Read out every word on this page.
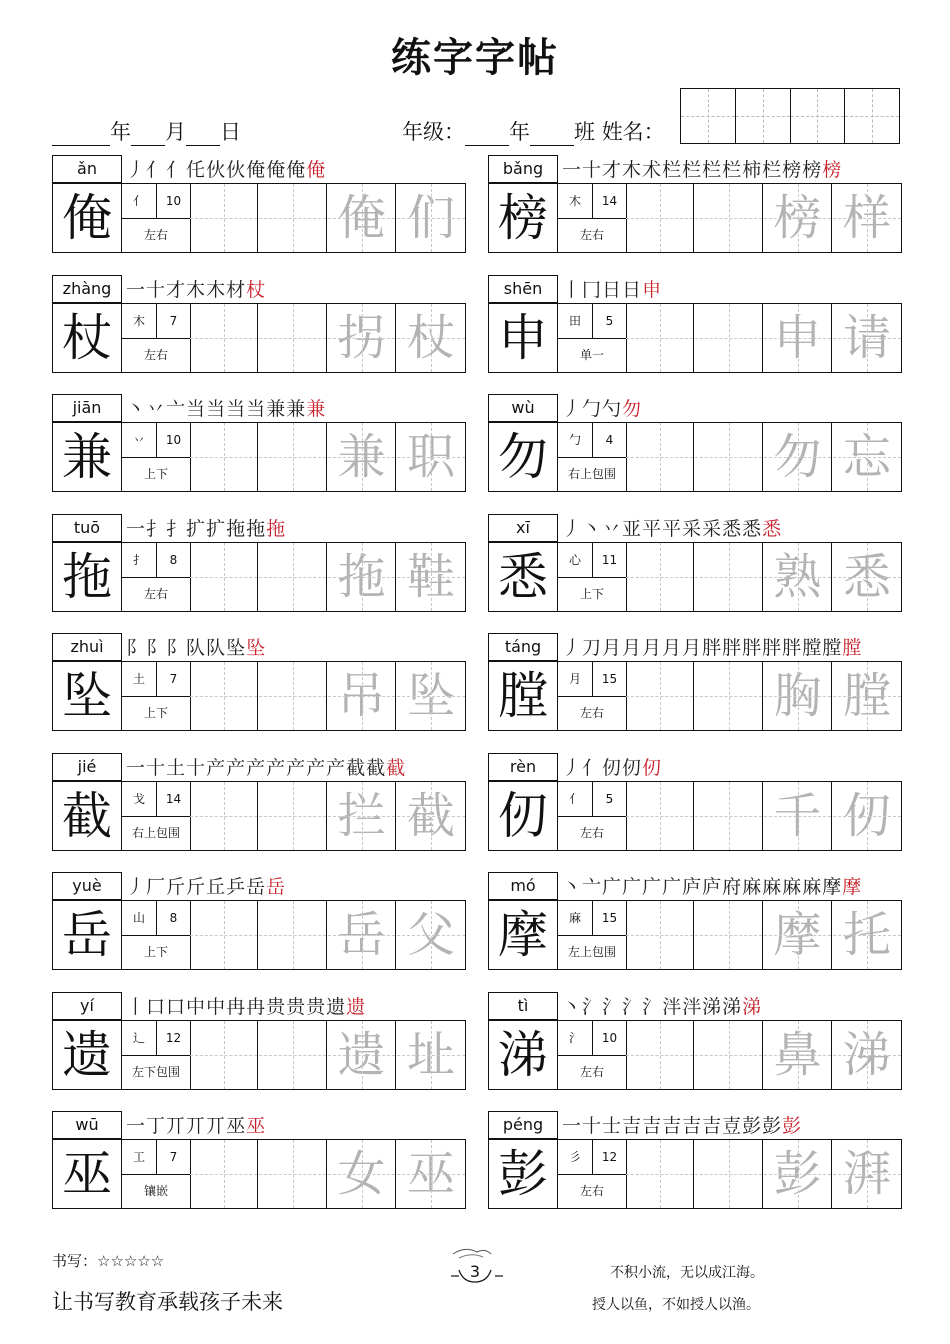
练字字帖
年 月 日	年级： 年 班 姓名：
ǎn	丿亻亻仛伙伙俺俺俺俺
俺	亻	10
左右	俺 们
bǎng 一十才木术栏栏栏栏柿栏榜榜榜
榜	木	14
左右	榜 样
zhàng 一十才木木材杖
杖	木	7
左右	拐 杖
shēn	丨冂日日申
申	田	5
单一	申 请
jiān	丶丷亠当当当当兼兼兼
兼	丷	10
上下	兼 职
wù	丿勹勺勿
勿	勹	4
右上包围	勿 忘
tuō	一扌扌扩扩拖拖拖
拖	扌	8
左右	拖 鞋
xī	丿丶丷亚平平采采悉悉悉
悉	心	11
上下	熟 悉
zhuì	阝阝阝队队坠坠
坠	土	7
上下	吊 坠
táng	丿刀月月月月月胖胖胖胖胖膛膛膛
膛	月	15
左右	胸 膛
jié	一十土十产产产产产产产截截截
截	戈	14
右上包围	拦 截
rèn	丿亻仞仞仞
仞	亻	5
左右	千 仞
yuè	丿厂斤斤丘乒岳岳
岳	山	8
上下	岳 父
mó	丶亠广广广广庐庐府麻麻麻麻摩摩
摩	麻	15
左上包围	摩 托
yí	丨口口中中冉冉贵贵贵遗遗
遗	辶	12
左下包围	遗 址
tì	丶氵氵氵氵泮泮涕涕涕
涕	氵	10
左右	鼻 涕
wū	一丁丌丌丌巫巫
巫	工	7
镶嵌	女 巫
péng 一十士吉吉吉吉吉壴彭彭彭
彭	彡	12
左右	彭 湃
书写：☆☆☆☆☆
让书写教育承载孩子未来
3	不积小流，无以成江海。
授人以鱼，不如授人以渔。
